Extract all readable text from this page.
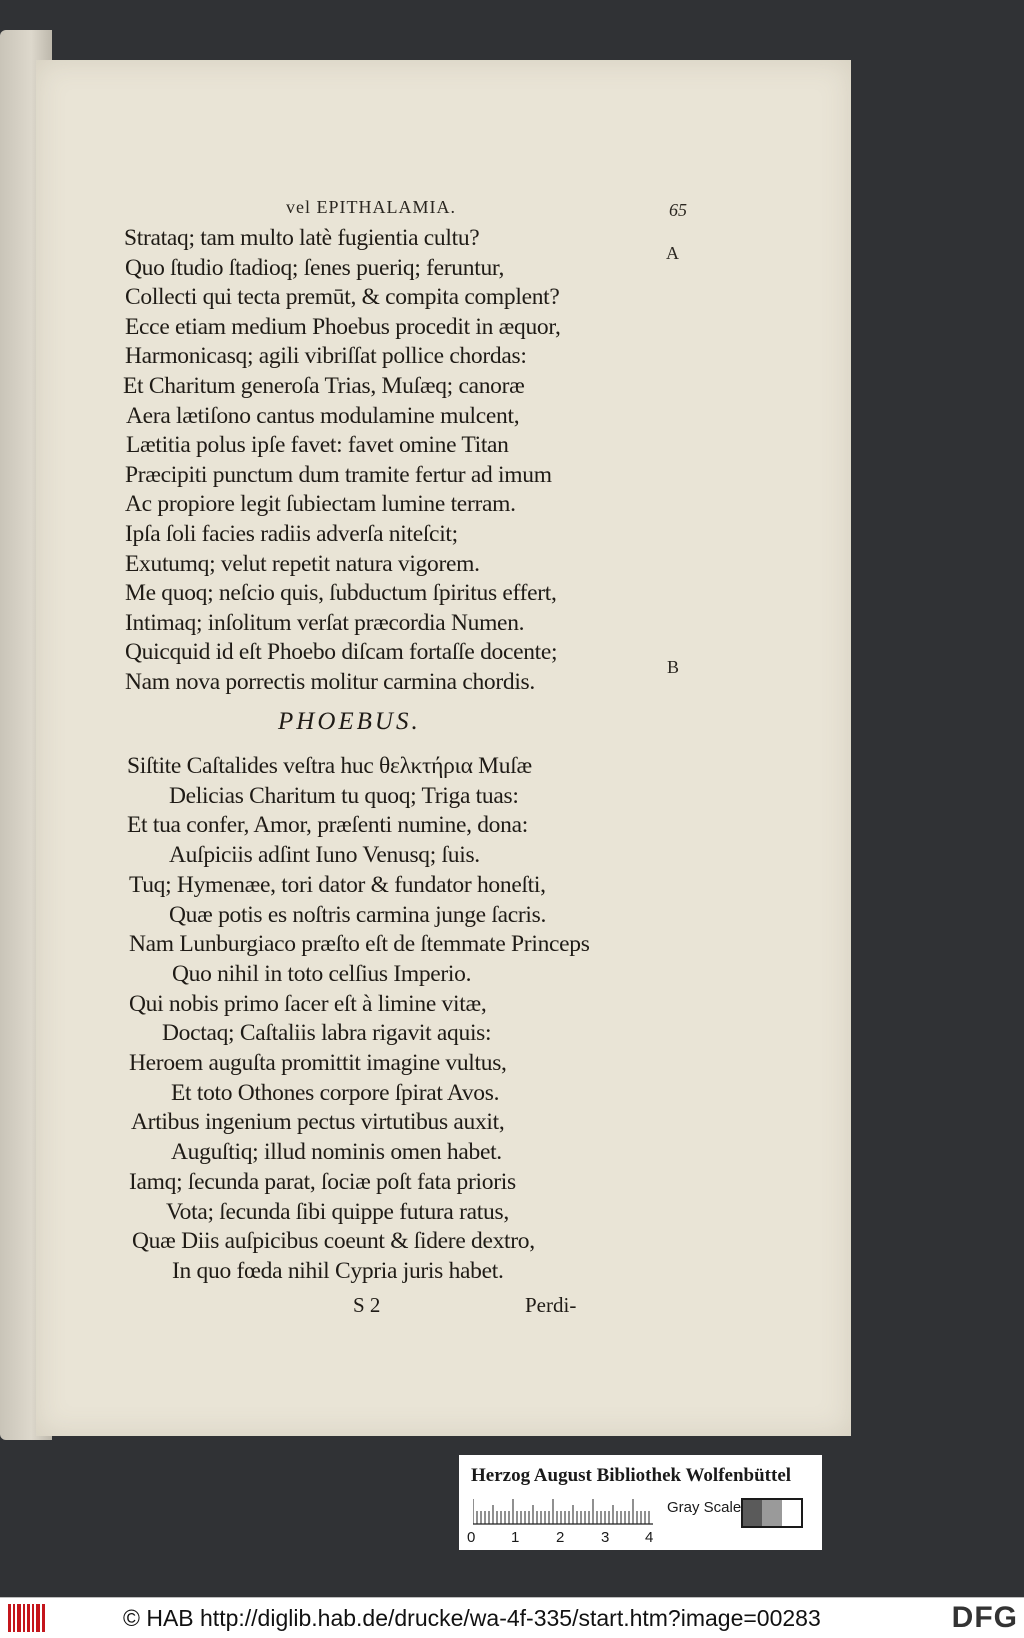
vel EPITHALAMIA.	65
A
B
PHOEBUS.
S 2	Perdi-
Strataq; tam multo latè fugientia cultu?
Quo ſtudio ſtadioq; ſenes pueriq; feruntur,
Collecti qui tecta premūt, & compita complent?
Ecce etiam medium Phoebus procedit in æquor,
Harmonicasq; agili vibriſſat pollice chordas:
Et Charitum generoſa Trias, Muſæq; canoræ
Aera lætiſono cantus modulamine mulcent,
Lætitia polus ipſe favet: favet omine Titan
Præcipiti punctum dum tramite fertur ad imum
Ac propiore legit ſubiectam lumine terram.
Ipſa ſoli facies radiis adverſa niteſcit;
Exutumq; velut repetit natura vigorem.
Me quoq; neſcio quis, ſubductum ſpiritus effert,
Intimaq; inſolitum verſat præcordia Numen.
Quicquid id eſt Phoebo diſcam fortaſſe docente;
Nam nova porrectis molitur carmina chordis.
Siſtite Caſtalides veſtra huc θελκτήρια Muſæ
Delicias Charitum tu quoq; Triga tuas:
Et tua confer, Amor, præſenti numine, dona:
Auſpiciis adſint Iuno Venusq; ſuis.
Tuq; Hymenæe, tori dator & fundator honeſti,
Quæ potis es noſtris carmina junge ſacris.
Nam Lunburgiaco præſto eſt de ſtemmate Princeps
Quo nihil in toto celſius Imperio.
Qui nobis primo ſacer eſt à limine vitæ,
Doctaq; Caſtaliis labra rigavit aquis:
Heroem auguſta promittit imagine vultus,
Et toto Othones corpore ſpirat Avos.
Artibus ingenium pectus virtutibus auxit,
Auguſtiq; illud nominis omen habet.
Iamq; ſecunda parat, ſociæ poſt fata prioris
Vota; ſecunda ſibi quippe futura ratus,
Quæ Diis auſpicibus coeunt & ſidere dextro,
In quo fœda nihil Cypria juris habet.
Herzog August Bibliothek Wolfenbüttel
0 1 2 3 4
Gray Scale
© HAB http://diglib.hab.de/drucke/wa-4f-335/start.htm?image=00283	DFG
